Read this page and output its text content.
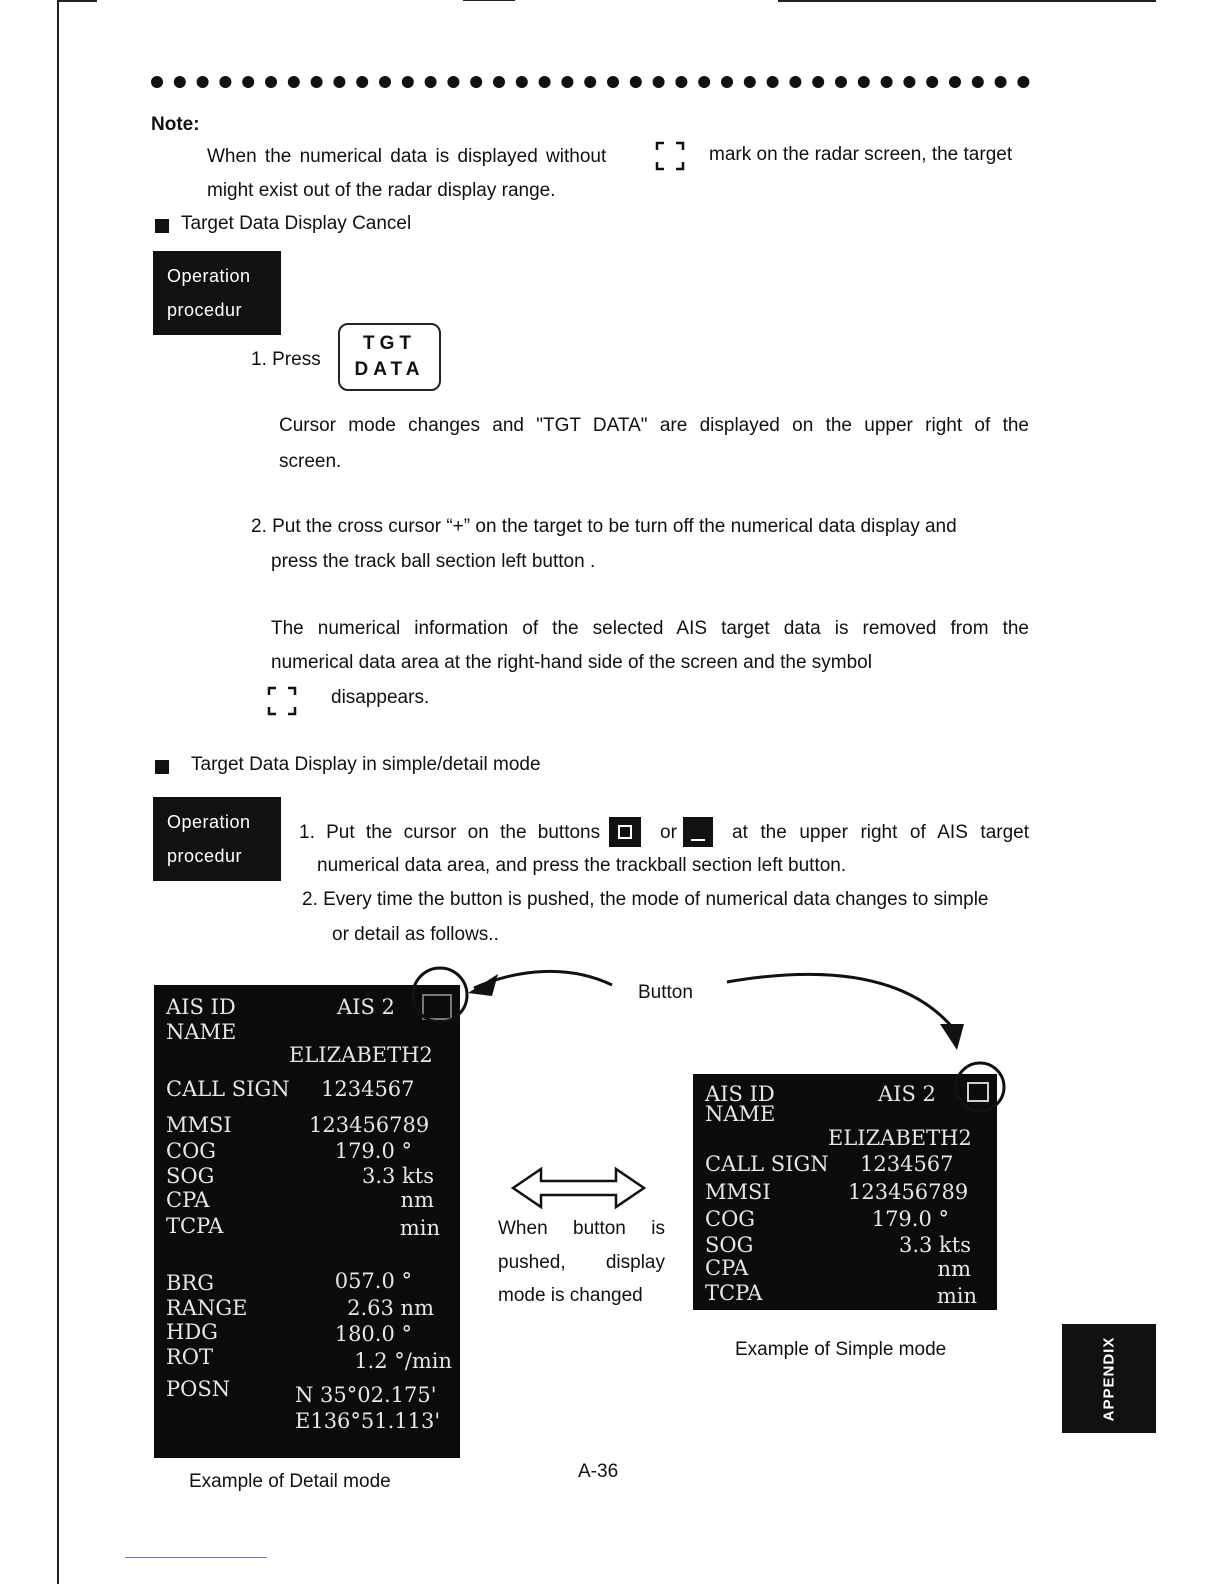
Note:
When the numerical data is displayed without	mark on the radar screen, the target
might exist out of the radar display range.
Target Data Display Cancel
Operation
procedur
1. Press
TGT
DATA
Cursor mode changes and "TGT DATA" are displayed on the upper right of the
screen.
2. Put the cross cursor “+” on the target to be turn off the numerical data display and
press the track ball section left button .
The numerical information of the selected AIS target data is removed from the
numerical data area at the right-hand side of the screen and the symbol
disappears.
Target Data Display in simple/detail mode
Operation
procedur
1. Put the cursor on the buttons	or	at the upper right of AIS target
numerical data area, and press the trackball section left button.
2. Every time the button is pushed, the mode of numerical data changes to simple
or detail as follows..
AIS ID	AIS 2
NAME
ELIZABETH2
CALL SIGN 1234567
MMSI	123456789
COG	179.0 °
SOG	3.3 kts
CPA	nm
TCPA	min
BRG	057.0 °
RANGE	2.63 nm
HDG	180.0 °
ROT	1.2 °/min
POSN	N 35°02.175'
E136°51.113'
AIS ID	AIS 2
NAME
ELIZABETH2
CALL SIGN 1234567
MMSI	123456789
COG	179.0 °
SOG	3.3 kts
CPA	nm
TCPA	min
Button
When button is
pushed, display
mode is changed
Example of Simple mode
Example of Detail mode	A-36
APPENDIX
